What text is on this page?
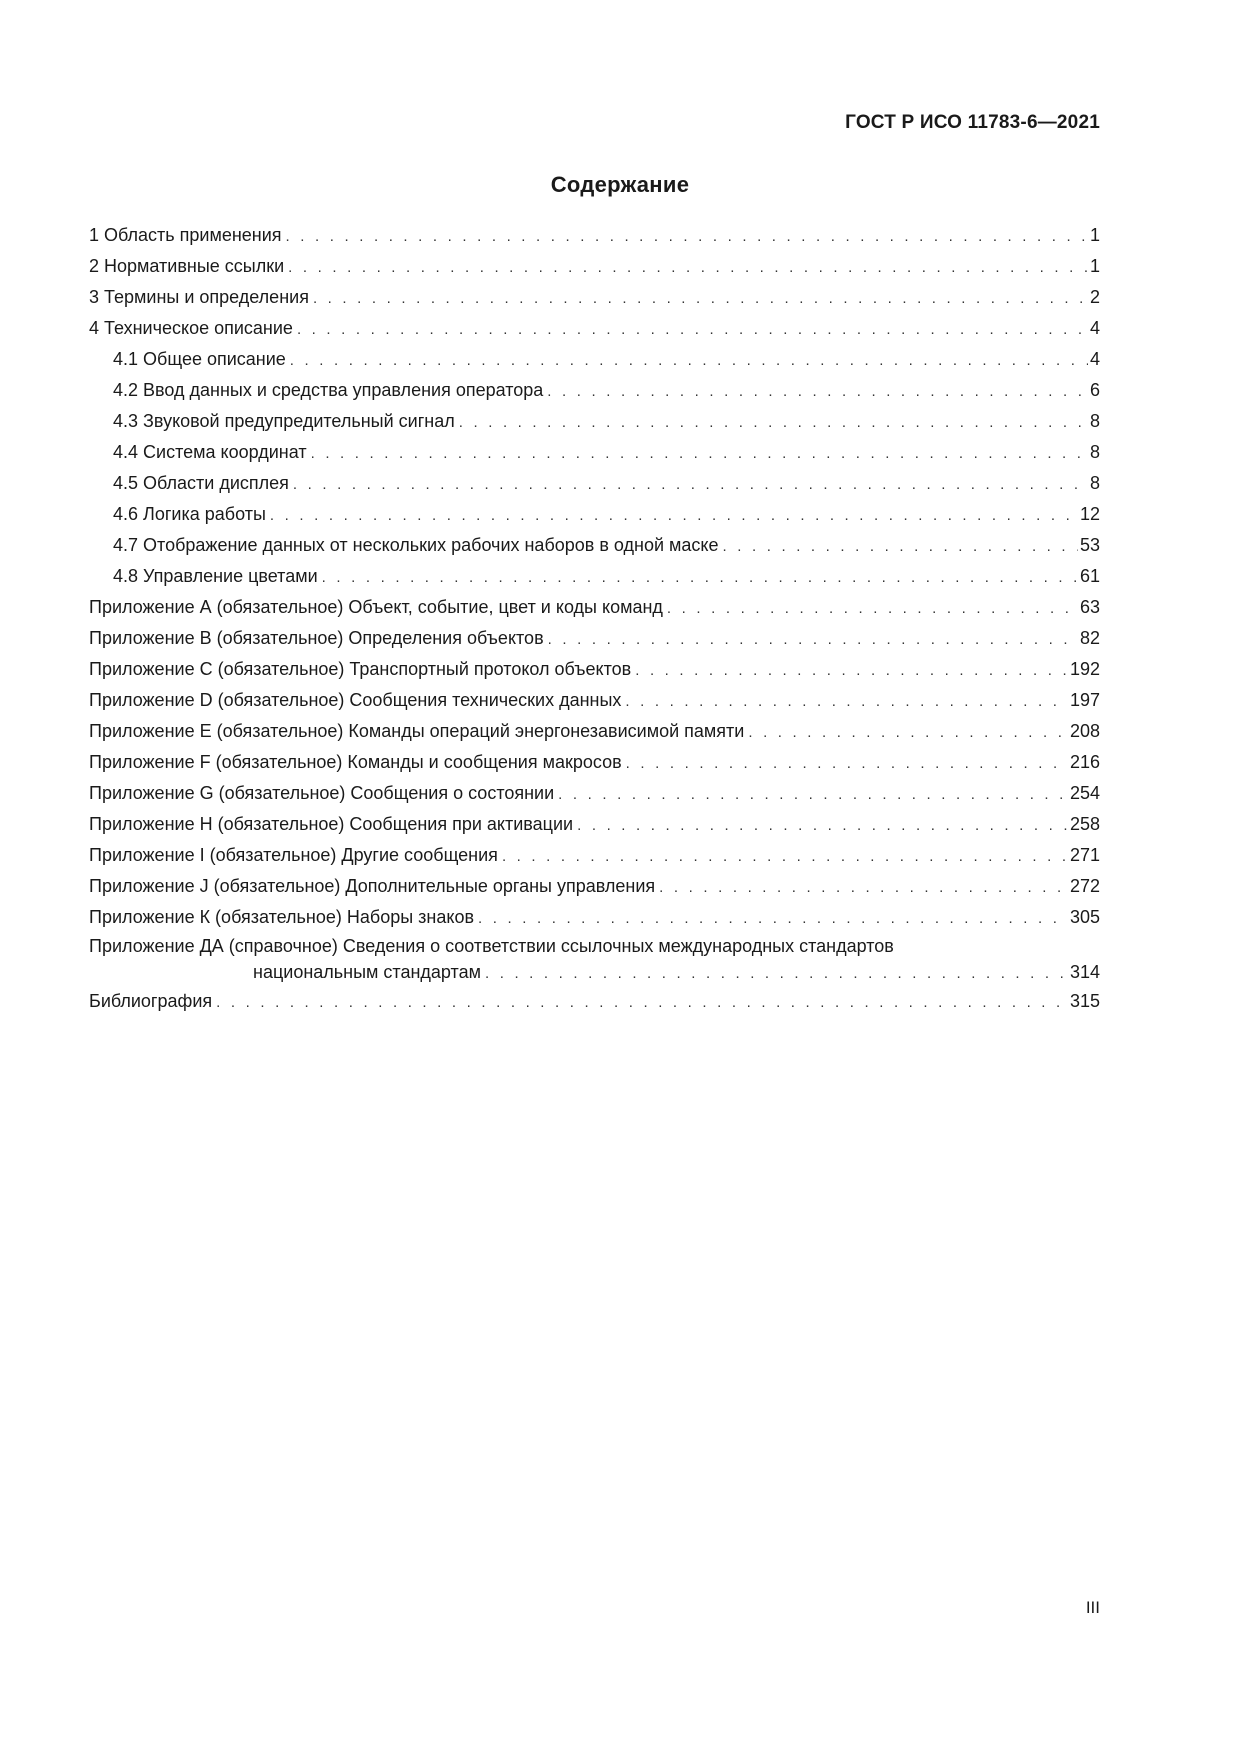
ГОСТ Р ИСО 11783-6—2021
Содержание
1 Область применения . . .	1
2 Нормативные ссылки . . .	1
3 Термины и определения . . .	2
4 Техническое описание . . .	4
4.1 Общее описание . . .	4
4.2 Ввод данных и средства управления оператора . . .	6
4.3 Звуковой предупредительный сигнал . . .	8
4.4 Система координат . . .	8
4.5 Области дисплея . . .	8
4.6 Логика работы . . .	12
4.7 Отображение данных от нескольких рабочих наборов в одной маске . . .	53
4.8 Управление цветами . . .	61
Приложение А (обязательное) Объект, событие, цвет и коды команд . . .	63
Приложение В (обязательное) Определения объектов . . .	82
Приложение С (обязательное) Транспортный протокол объектов . . .	192
Приложение D (обязательное) Сообщения технических данных . . .	197
Приложение Е (обязательное) Команды операций энергонезависимой памяти . . .	208
Приложение F (обязательное) Команды и сообщения макросов . . .	216
Приложение G (обязательное) Сообщения о состоянии . . .	254
Приложение Н (обязательное) Сообщения при активации . . .	258
Приложение I (обязательное) Другие сообщения . . .	271
Приложение J (обязательное) Дополнительные органы управления . . .	272
Приложение К (обязательное) Наборы знаков . . .	305
Приложение ДА (справочное) Сведения о соответствии ссылочных международных стандартов
национальным стандартам . . .	314
Библиография . . .	315
III
